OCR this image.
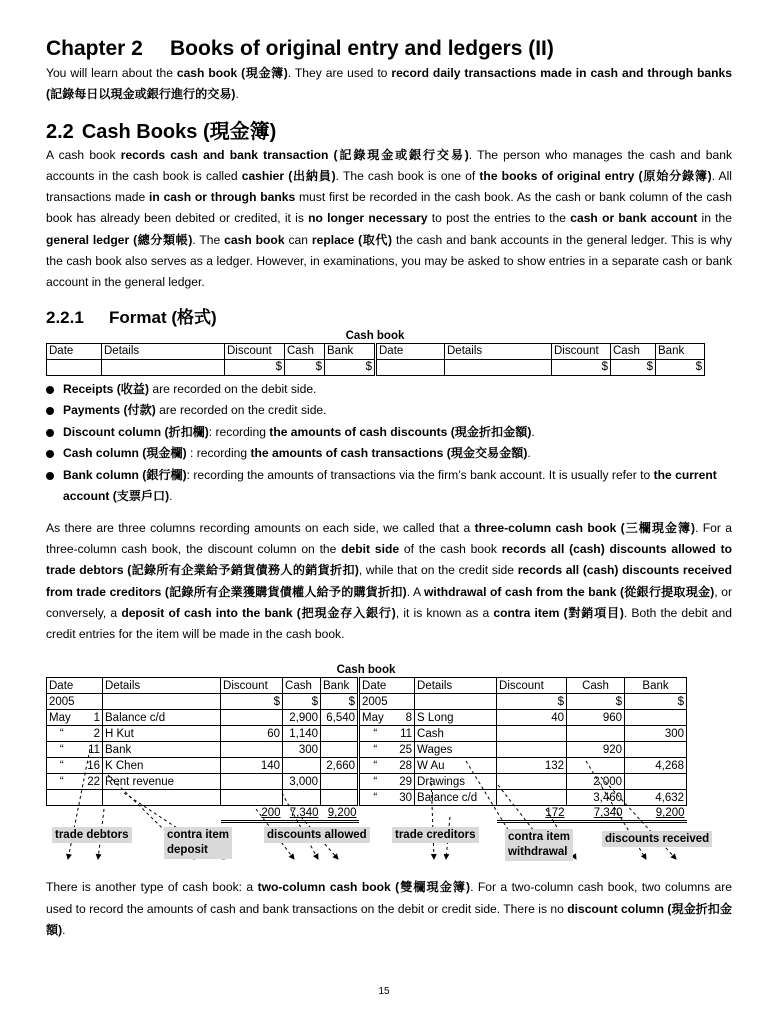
Chapter 2 Books of original entry and ledgers (II)

You will learn about the cash book (現金簿). They are used to record daily transactions made in cash and through banks (記錄每日以現金或銀行進行的交易).

2.2 Cash Books (現金簿)

A cash book records cash and bank transaction (記錄現金或銀行交易). The person who manages the cash and bank accounts in the cash book is called cashier (出納員). The cash book is one of the books of original entry (原始分錄簿). All transactions made in cash or through banks must first be recorded in the cash book. As the cash or bank column of the cash book has already been debited or credited, it is no longer necessary to post the entries to the cash or bank account in the general ledger (總分類帳). The cash book can replace (取代) the cash and bank accounts in the general ledger. This is why the cash book also serves as a ledger. However, in examinations, you may be asked to show entries in a separate cash or bank account in the general ledger.

2.2.1 Format (格式)
Cash book
Date	Details	Discount	Cash	Bank	Date	Details	Discount	Cash	Bank
		$	$	$			$	$	$
Receipts (收益) are recorded on the debit side.
Payments (付款) are recorded on the credit side.
Discount column (折扣欄): recording the amounts of cash discounts (現金折扣金額).
Cash column (現金欄) : recording the amounts of cash transactions (現金交易金額).
Bank column (銀行欄): recording the amounts of transactions via the firm’s bank account. It is usually refer to the current account (支票戶口).

As there are three columns recording amounts on each side, we called that a three-column cash book (三欄現金簿). For a three-column cash book, the discount column on the debit side of the cash book records all (cash) discounts allowed to trade debtors (記錄所有企業給予銷貨債務人的銷貨折扣), while that on the credit side records all (cash) discounts received from trade creditors (記錄所有企業獲購貨債權人給予的購貨折扣). A withdrawal of cash from the bank (從銀行提取現金), or conversely, a deposit of cash into the bank (把現金存入銀行), it is known as a contra item (對銷項目). Both the debit and credit entries for the item will be made in the cash book.

Cash book
Date		Details	Discount	Cash	Bank	Date		Details	Discount	Cash	Bank
2005			$	$	$	2005			$	$	$
May	1	Balance c/d		2,900	6,540	May	8	S Long	40	960	
“	2	H Kut	60	1,140		“	11	Cash			300
“	11	Bank		300		“	25	Wages		920	
“	16	K Chen	140		2,660	“	28	W Au	132		4,268
“	22	Rent revenue		3,000		“	29	Drawings		2,000	
						“	30	Balance c/d		3,460	4,632
			200	7,340	9,200				172	7,340	9,200
trade debtors	contra item
deposit
discounts allowed trade creditors	contra item
withdrawal
discounts received

There is another type of cash book: a two-column cash book (雙欄現金簿). For a two-column cash book, two columns are used to record the amounts of cash and bank transactions on the debit or credit side. There is no discount column (現金折扣金額).

15
